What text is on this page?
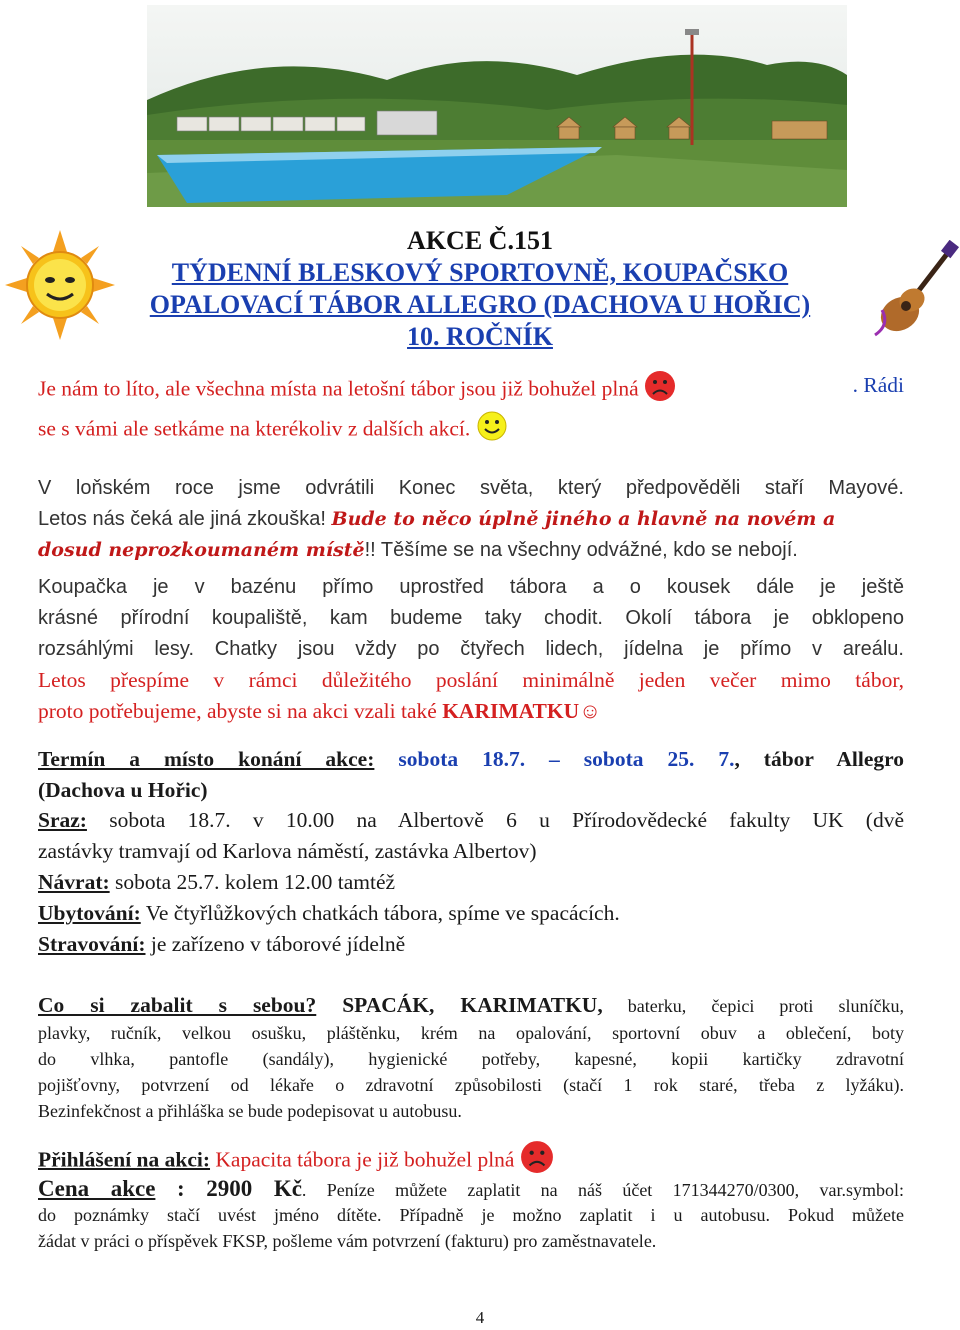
AKCE Č.151
TÝDENNÍ BLESKOVÝ SPORTOVNĚ, KOUPAČSKO
OPALOVACÍ TÁBOR ALLEGRO (DACHOVA U HOŘIC)
10. ROČNÍK
Je nám to líto, ale všechna místa na letošní tábor jsou již bohužel plná	. Rádi
se s vámi ale setkáme na kterékoliv z dalších akcí.
V loňském roce jsme odvrátili Konec světa, který předpověděli staří Mayové.
Letos nás čeká ale jiná zkouška! Bude to něco úplně jiného a hlavně na novém a
dosud neprozkoumaném místě!! Těšíme se na všechny odvážné, kdo se nebojí.
Koupačka je v bazénu přímo uprostřed tábora a o kousek dále je ještě
krásné přírodní koupaliště, kam budeme taky chodit. Okolí tábora je obklopeno
rozsáhlými lesy. Chatky jsou vždy po čtyřech lidech, jídelna je přímo v areálu.
Letos přespíme v rámci důležitého poslání minimálně jeden večer mimo tábor,
proto potřebujeme, abyste si na akci vzali také KARIMATKU☺
Termín a místo konání akce: sobota 18.7. – sobota 25. 7., tábor Allegro
(Dachova u Hořic)
Sraz: sobota 18.7. v 10.00 na Albertově 6 u Přírodovědecké fakulty UK (dvě
zastávky tramvají od Karlova náměstí, zastávka Albertov)
Návrat: sobota 25.7. kolem 12.00 tamtéž
Ubytování: Ve čtyřlůžkových chatkách tábora, spíme ve spacácích.
Stravování: je zařízeno v táborové jídelně
Co si zabalit s sebou? SPACÁK, KARIMATKU, baterku, čepici proti sluníčku,
plavky, ručník, velkou osušku, pláštěnku, krém na opalování, sportovní obuv a oblečení, boty
do vlhka, pantofle (sandály), hygienické potřeby, kapesné, kopii kartičky zdravotní
pojišťovny, potvrzení od lékaře o zdravotní způsobilosti (stačí 1 rok staré, třeba z lyžáku).
Bezinfekčnost a přihláška se bude podepisovat u autobusu.
Přihlášení na akci: Kapacita tábora je již bohužel plná
Cena akce : 2900 Kč. Peníze můžete zaplatit na náš účet 171344270/0300, var.symbol:
do poznámky stačí uvést jméno dítěte. Případně je možno zaplatit i u autobusu. Pokud můžete
žádat v práci o příspěvek FKSP, pošleme vám potvrzení (fakturu) pro zaměstnavatele.
4
